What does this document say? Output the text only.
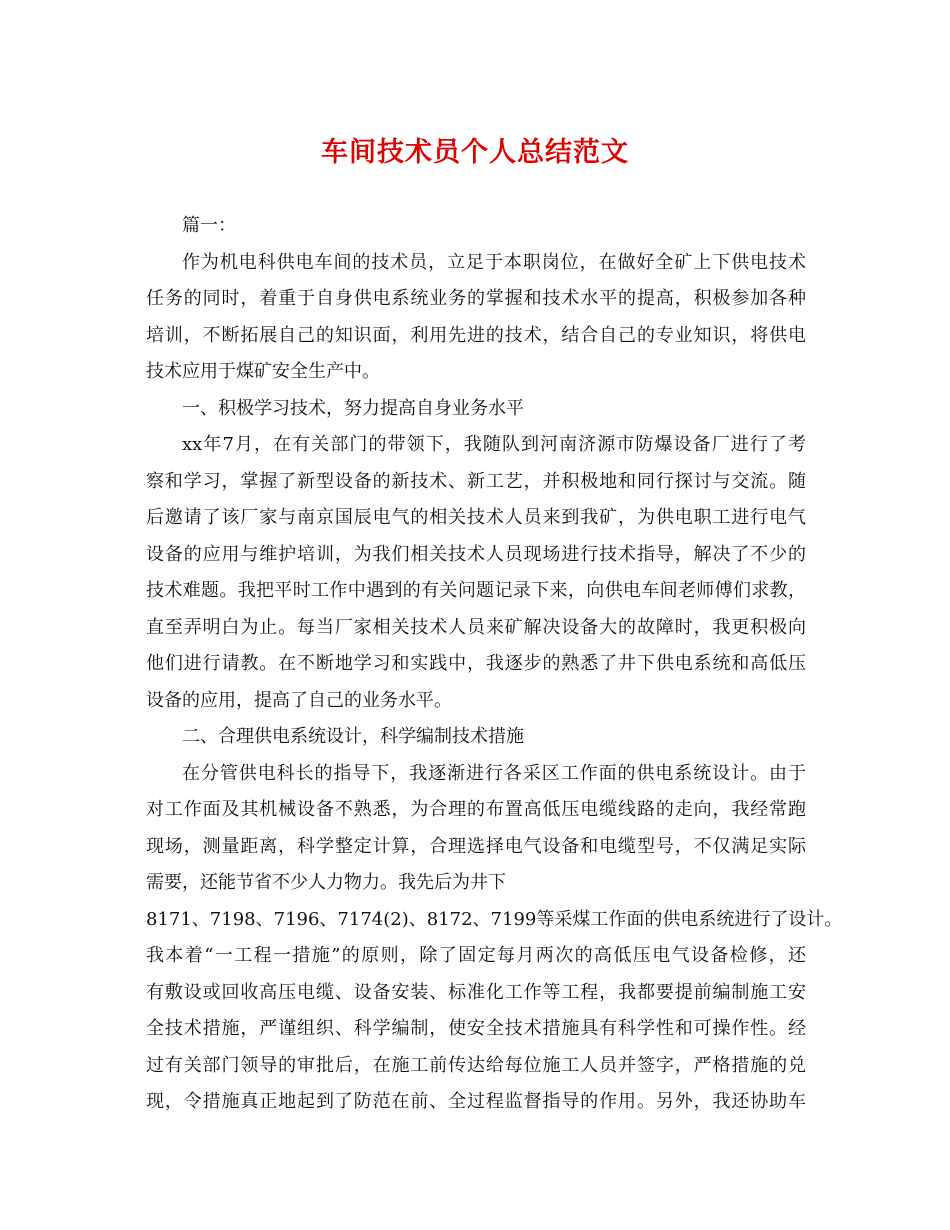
车间技术员个人总结范文
篇一：
作为机电科供电车间的技术员，立足于本职岗位，在做好全矿上下供电技术
任务的同时，着重于自身供电系统业务的掌握和技术水平的提高，积极参加各种
培训，不断拓展自己的知识面，利用先进的技术，结合自己的专业知识，将供电
技术应用于煤矿安全生产中。
一、积极学习技术，努力提高自身业务水平
xx年7月，在有关部门的带领下，我随队到河南济源市防爆设备厂进行了考
察和学习，掌握了新型设备的新技术、新工艺，并积极地和同行探讨与交流。随
后邀请了该厂家与南京国辰电气的相关技术人员来到我矿，为供电职工进行电气
设备的应用与维护培训，为我们相关技术人员现场进行技术指导，解决了不少的
技术难题。我把平时工作中遇到的有关问题记录下来，向供电车间老师傅们求教，
直至弄明白为止。每当厂家相关技术人员来矿解决设备大的故障时，我更积极向
他们进行请教。在不断地学习和实践中，我逐步的熟悉了井下供电系统和高低压
设备的应用，提高了自己的业务水平。
二、合理供电系统设计，科学编制技术措施
在分管供电科长的指导下，我逐渐进行各采区工作面的供电系统设计。由于
对工作面及其机械设备不熟悉，为合理的布置高低压电缆线路的走向，我经常跑
现场，测量距离，科学整定计算，合理选择电气设备和电缆型号，不仅满足实际
需要，还能节省不少人力物力。我先后为井下
8171、7198、7196、7174(2)、8172、7199等采煤工作面的供电系统进行了设计。
我本着“一工程一措施”的原则，除了固定每月两次的高低压电气设备检修，还
有敷设或回收高压电缆、设备安装、标准化工作等工程，我都要提前编制施工安
全技术措施，严谨组织、科学编制，使安全技术措施具有科学性和可操作性。经
过有关部门领导的审批后，在施工前传达给每位施工人员并签字，严格措施的兑
现，令措施真正地起到了防范在前、全过程监督指导的作用。另外，我还协助车
